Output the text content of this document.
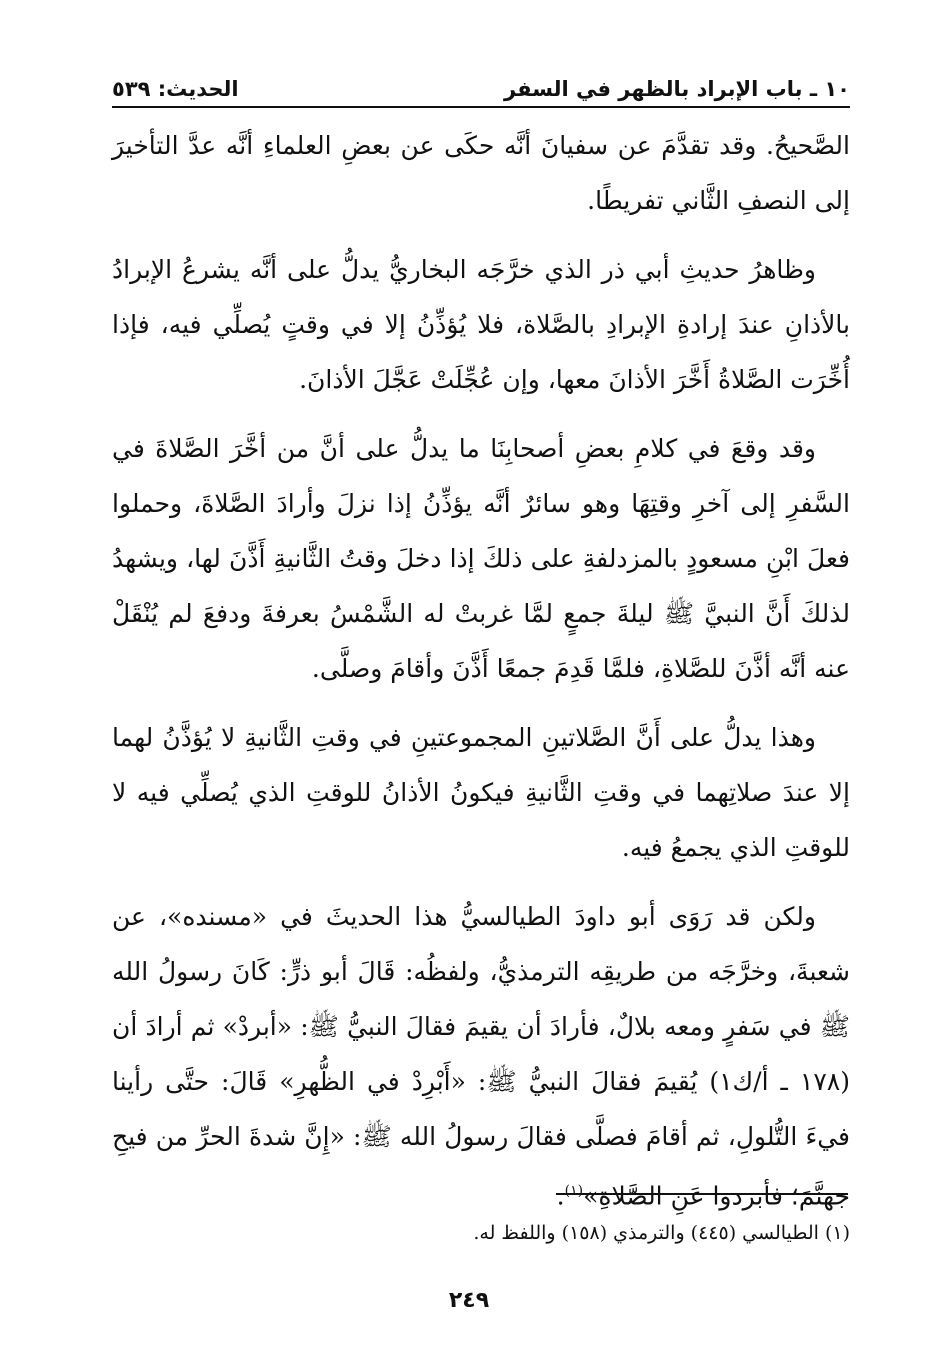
١٠ ـ باب الإبراد بالظهر في السفر
الحديث: ٥٣٩

الصَّحيحُ. وقد تقدَّمَ عن سفيانَ أنَّه حكَى عن بعضِ العلماءِ أنَّه عدَّ التأخيرَ إلى النصفِ الثَّاني تفريطًا.

وظاهرُ حديثِ أبي ذر الذي خرَّجَه البخاريُّ يدلُّ على أنَّه يشرعُ الإبرادُ بالأذانِ عندَ إرادةِ الإبرادِ بالصَّلاة، فلا يُؤذِّنُ إلا في وقتٍ يُصلِّي فيه، فإذا أُخِّرَت الصَّلاةُ أَخَّرَ الأذانَ معها، وإن عُجِّلَتْ عَجَّلَ الأذانَ.

وقد وقعَ في كلامِ بعضِ أصحابِنَا ما يدلُّ على أنَّ من أخَّرَ الصَّلاةَ في السَّفرِ إلى آخرِ وقتِهَا وهو سائرٌ أنَّه يؤذِّنُ إذا نزلَ وأرادَ الصَّلاةَ، وحملوا فعلَ ابْنِ مسعودٍ بالمزدلفةِ على ذلكَ إذا دخلَ وقتُ الثَّانيةِ أَذَّنَ لها، ويشهدُ لذلكَ أَنَّ النبيَّ ﷺ ليلةَ جمعٍ لمَّا غربتْ له الشَّمْسُ بعرفةَ ودفعَ لم يُنْقَلْ عنه أنَّه أذَّنَ للصَّلاةِ، فلمَّا قَدِمَ جمعًا أَذَّنَ وأقامَ وصلَّى.

وهذا يدلُّ على أَنَّ الصَّلاتينِ المجموعتينِ في وقتِ الثَّانيةِ لا يُؤذَّنُ لهما إلا عندَ صلاتِهما في وقتِ الثَّانيةِ فيكونُ الأذانُ للوقتِ الذي يُصلِّي فيه لا للوقتِ الذي يجمعُ فيه.

ولكن قد رَوَى أبو داودَ الطيالسيُّ هذا الحديثَ في «مسنده»، عن شعبةَ، وخرَّجَه من طريقِه الترمذيُّ، ولفظُه: قَالَ أبو ذرٍّ: كَانَ رسولُ الله ﷺ في سَفرٍ ومعه بلالٌ، فأرادَ أن يقيمَ فقالَ النبيُّ ﷺ: «أبردْ» ثم أرادَ أن (١٧٨ ـ أ/ك١) يُقيمَ فقالَ النبيُّ ﷺ: «أَبْرِدْ في الظُّهرِ» قَالَ: حتَّى رأينا فيءَ التُّلولِ، ثم أقامَ فصلَّى فقالَ رسولُ الله ﷺ: «إِنَّ شدةَ الحرِّ من فيحِ جهنَّمَ؛ فأبردوا عَنِ الصَّلاةِ»$^{(١)}$.

(١) الطيالسي (٤٤٥) والترمذي (١٥٨) واللفظ له.
٢٤٩
